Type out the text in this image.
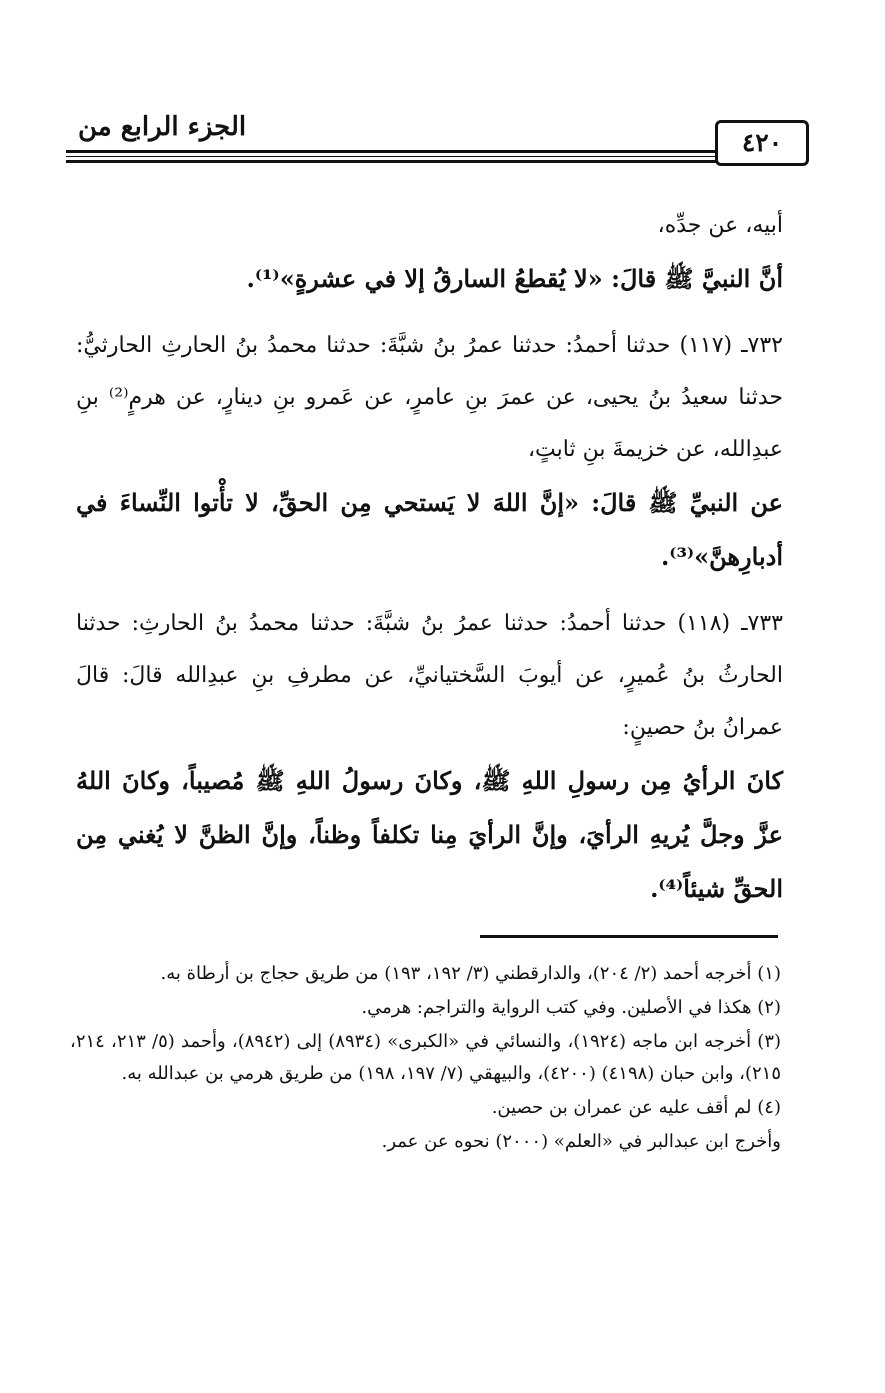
الجزء الرابع من
٤٢٠

أبيه، عن جدِّه،

أنَّ النبيَّ ﷺ قالَ: «لا يُقطعُ السارقُ إلا في عشرةٍ»⁽¹⁾.

٧٣٢ـ (١١٧) حدثنا أحمدُ: حدثنا عمرُ بنُ شبَّةَ: حدثنا محمدُ بنُ الحارثِ الحارثيُّ: حدثنا سعيدُ بنُ يحيى، عن عمرَ بنِ عامرٍ، عن عَمرو بنِ دينارٍ، عن هرمٍ⁽²⁾ بنِ عبدِالله، عن خزيمةَ بنِ ثابتٍ،

عن النبيِّ ﷺ قالَ: «إنَّ اللهَ لا يَستحي مِن الحقِّ، لا تأْتوا النِّساءَ في أدبارِهنَّ»⁽³⁾.

٧٣٣ـ (١١٨) حدثنا أحمدُ: حدثنا عمرُ بنُ شبَّةَ: حدثنا محمدُ بنُ الحارثِ: حدثنا الحارثُ بنُ عُميرٍ، عن أيوبَ السَّختيانيِّ، عن مطرفِ بنِ عبدِالله قالَ: قالَ عمرانُ بنُ حصينٍ:

كانَ الرأيُ مِن رسولِ اللهِ ﷺ، وكانَ رسولُ اللهِ ﷺ مُصيباً، وكانَ اللهُ عزَّ وجلَّ يُريهِ الرأيَ، وإنَّ الرأيَ مِنا تكلفاً وظناً، وإنَّ الظنَّ لا يُغني مِن الحقِّ شيئاً⁽⁴⁾.

(١) أخرجه أحمد (٢/ ٢٠٤)، والدارقطني (٣/ ١٩٢، ١٩٣) من طريق حجاج بن أرطاة به.

(٢) هكذا في الأصلين. وفي كتب الرواية والتراجم: هرمي.

(٣) أخرجه ابن ماجه (١٩٢٤)، والنسائي في «الكبرى» (٨٩٣٤) إلى (٨٩٤٢)، وأحمد (٥/ ٢١٣، ٢١٤، ٢١٥)، وابن حبان (٤١٩٨) (٤٢٠٠)، والبيهقي (٧/ ١٩٧، ١٩٨) من طريق هرمي بن عبدالله به.

(٤) لم أقف عليه عن عمران بن حصين.

وأخرج ابن عبدالبر في «العلم» (٢٠٠٠) نحوه عن عمر.
